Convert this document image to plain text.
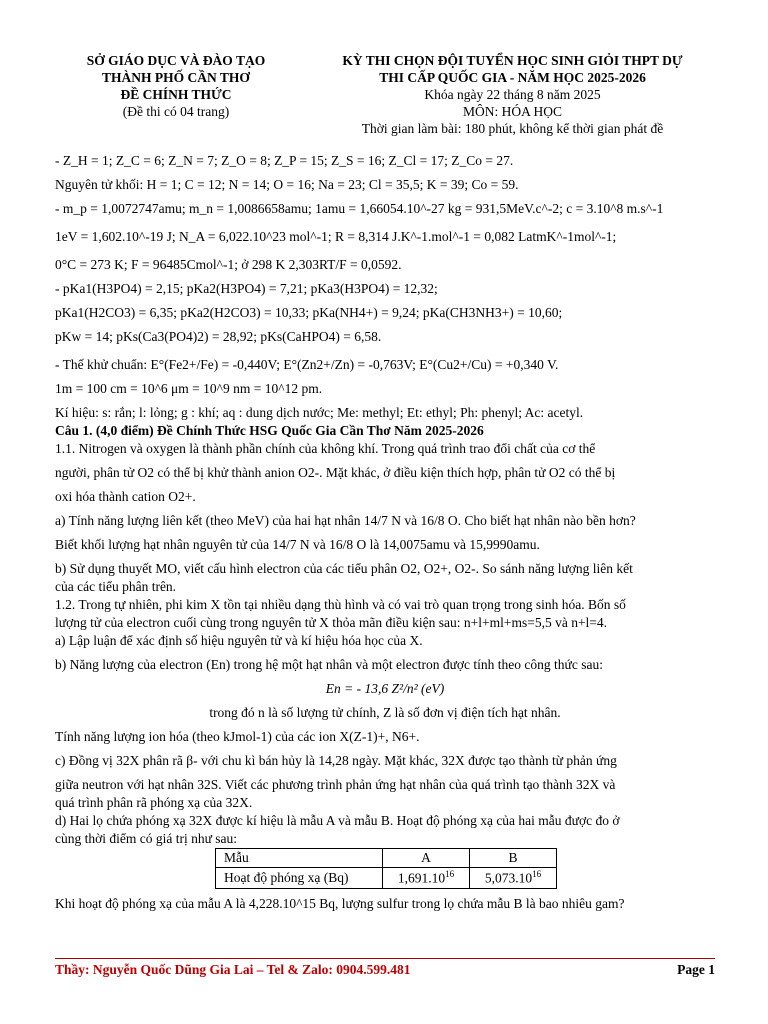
SỞ GIÁO DỤC VÀ ĐÀO TẠO
THÀNH PHỐ CẦN THƠ
ĐỀ CHÍNH THỨC
(Đề thi có 04 trang)
KỲ THI CHỌN ĐỘI TUYỂN HỌC SINH GIỎI THPT DỰ
THI CẤP QUỐC GIA - NĂM HỌC 2025-2026
Khóa ngày 22 tháng 8 năm 2025
MÔN: HÓA HỌC
Thời gian làm bài: 180 phút, không kể thời gian phát đề

- Z_H = 1; Z_C = 6; Z_N = 7; Z_O = 8; Z_P = 15; Z_S = 16; Z_Cl = 17; Z_Co = 27.

Nguyên tử khối: H = 1; C = 12; N = 14; O = 16; Na = 23; Cl = 35,5; K = 39; Co = 59.

- m_p = 1,0072747amu; m_n = 1,0086658amu; 1amu = 1,66054.10^-27 kg = 931,5MeV.c^-2; c = 3.10^8 m.s^-1

1eV = 1,602.10^-19 J; N_A = 6,022.10^23 mol^-1; R = 8,314 J.K^-1.mol^-1 = 0,082 LatmK^-1mol^-1;

0°C = 273 K; F = 96485Cmol^-1; ở 298 K 2,303RT/F = 0,0592.

- pKa1(H3PO4) = 2,15; pKa2(H3PO4) = 7,21; pKa3(H3PO4) = 12,32;

pKa1(H2CO3) = 6,35; pKa2(H2CO3) = 10,33; pKa(NH4+) = 9,24; pKa(CH3NH3+) = 10,60;

pKw = 14; pKs(Ca3(PO4)2) = 28,92; pKs(CaHPO4) = 6,58.

- Thế khử chuẩn: E°(Fe2+/Fe) = -0,440V; E°(Zn2+/Zn) = -0,763V; E°(Cu2+/Cu) = +0,340 V.

1m = 100 cm = 10^6 μm = 10^9 nm = 10^12 pm.

Kí hiệu: s: rắn; l: lỏng; g : khí; aq : dung dịch nước; Me: methyl; Et: ethyl; Ph: phenyl; Ac: acetyl.

Câu 1. (4,0 điểm) Đề Chính Thức HSG Quốc Gia Cần Thơ Năm 2025-2026

1.1. Nitrogen và oxygen là thành phần chính của không khí. Trong quá trình trao đổi chất của cơ thể

người, phân tử O2 có thể bị khử thành anion O2-. Mặt khác, ở điều kiện thích hợp, phân tử O2 có thể bị

oxi hóa thành cation O2+.

a) Tính năng lượng liên kết (theo MeV) của hai hạt nhân 14/7 N và 16/8 O. Cho biết hạt nhân nào bền hơn?

Biết khối lượng hạt nhân nguyên tử của 14/7 N và 16/8 O là 14,0075amu và 15,9990amu.

b) Sử dụng thuyết MO, viết cấu hình electron của các tiểu phân O2, O2+, O2-. So sánh năng lượng liên kết

của các tiểu phân trên.

1.2. Trong tự nhiên, phi kim X tồn tại nhiều dạng thù hình và có vai trò quan trọng trong sinh hóa. Bốn số

lượng tử của electron cuối cùng trong nguyên tử X thỏa mãn điều kiện sau: n+l+ml+ms=5,5 và n+l=4.

a) Lập luận để xác định số hiệu nguyên tử và kí hiệu hóa học của X.

b) Năng lượng của electron (En) trong hệ một hạt nhân và một electron được tính theo công thức sau:

En = - 13,6 Z²/n² (eV)

trong đó n là số lượng tử chính, Z là số đơn vị điện tích hạt nhân.

Tính năng lượng ion hóa (theo kJmol-1) của các ion X(Z-1)+, N6+.

c) Đồng vị 32X phân rã β- với chu kì bán hủy là 14,28 ngày. Mặt khác, 32X được tạo thành từ phản ứng

giữa neutron với hạt nhân 32S. Viết các phương trình phản ứng hạt nhân của quá trình tạo thành 32X và

quá trình phân rã phóng xạ của 32X.

d) Hai lọ chứa phóng xạ 32X được kí hiệu là mẫu A và mẫu B. Hoạt độ phóng xạ của hai mẫu được đo ở

cùng thời điểm có giá trị như sau:

Mẫu	A	B
Hoạt độ phóng xạ (Bq)	1,691.10$^{16}$	5,073.10$^{16}$

Khi hoạt độ phóng xạ của mẫu A là 4,228.10^15 Bq, lượng sulfur trong lọ chứa mẫu B là bao nhiêu gam?

Thầy: Nguyễn Quốc Dũng Gia Lai – Tel & Zalo: 0904.599.481	Page 1
